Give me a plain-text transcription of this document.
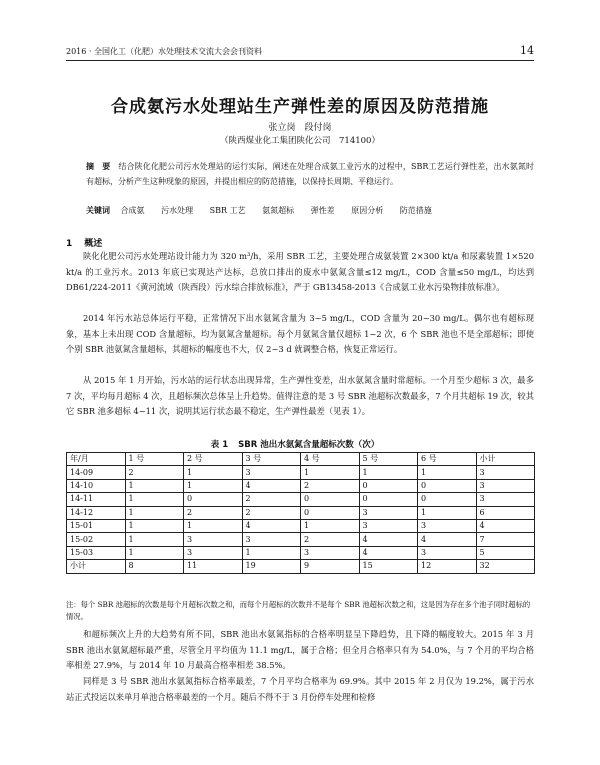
2016 · 全国化工（化肥）水处理技术交流大会会刊资料	14
合成氨污水处理站生产弹性差的原因及防范措施
张立岗　段付岗
（陕西煤业化工集团陕化公司　714100）
摘　要 结合陕化化肥公司污水处理站的运行实际，阐述在处理合成氨工业污水的过程中，SBR工艺运行弹性差，出水氨氮时有超标，分析产生这种现象的原因，并提出相应的防范措施，以保持长周期、平稳运行。
关键词 合成氨 污水处理 SBR 工艺 氨氮超标 弹性差 原因分析 防范措施
1 概述

陕化化肥公司污水处理站设计能力为 320 m³/h，采用 SBR 工艺，主要处理合成氨装置 2×300 kt/a 和尿素装置 1×520 kt/a 的工业污水。2013 年底已实现达产达标，总放口排出的废水中氨氮含量≤12 mg/L，COD 含量≤50 mg/L，均达到 DB61/224-2011《黄河流域（陕西段）污水综合排放标准》，严于 GB13458-2013《合成氨工业水污染物排放标准》。

2014 年污水站总体运行平稳，正常情况下出水氨氮含量为 3~5 mg/L，COD 含量为 20~30 mg/L。偶尔也有超标现象，基本上未出现 COD 含量超标，均为氨氮含量超标。每个月氨氮含量仅超标 1~2 次，6 个 SBR 池也不是全部超标；即使个别 SBR 池氨氮含量超标，其超标的幅度也不大，仅 2~3 d 就调整合格，恢复正常运行。

从 2015 年 1 月开始，污水站的运行状态出现异常，生产弹性变差，出水氨氮含量时常超标。一个月至少超标 3 次，最多 7 次，平均每月超标 4 次，且超标频次总体呈上升趋势。值得注意的是 3 号 SBR 池超标次数最多，7 个月共超标 19 次，较其它 SBR 池多超标 4~11 次，说明其运行状态最不稳定，生产弹性最差（见表 1）。

表 1 SBR 池出水氨氮含量超标次数（次）
年/月	1 号	2 号	3 号	4 号	5 号	6 号	小计
14-09	2	1	3	1	1	1	3
14-10	1	1	4	2	0	0	3
14-11	1	0	2	0	0	0	3
14-12	1	2	2	0	3	1	6
15-01	1	1	4	1	3	3	4
15-02	1	3	3	2	4	4	7
15-03	1	3	1	3	4	3	5
小计	8	11	19	9	15	12	32
注：每个 SBR 池超标的次数是每个月超标次数之和，而每个月超标的次数并不是每个 SBR 池超标次数之和，这是因为存在多个池子同时超标的情况。

和超标频次上升的大趋势有所不同，SBR 池出水氨氮指标的合格率明显呈下降趋势，且下降的幅度较大。2015 年 3 月 SBR 池出水氨氮超标最严重，尽管全月平均值为 11.1 mg/L，属于合格；但全月合格率只有为 54.0%，与 7 个月的平均合格率相差 27.9%，与 2014 年 10 月最高合格率相差 38.5%。

同样是 3 号 SBR 池出水氨氮指标合格率最差，7 个月平均合格率为 69.9%。其中 2015 年 2 月仅为 19.2%，属于污水站正式投运以来单月单池合格率最差的一个月。随后不得不于 3 月份停车处理和检修
